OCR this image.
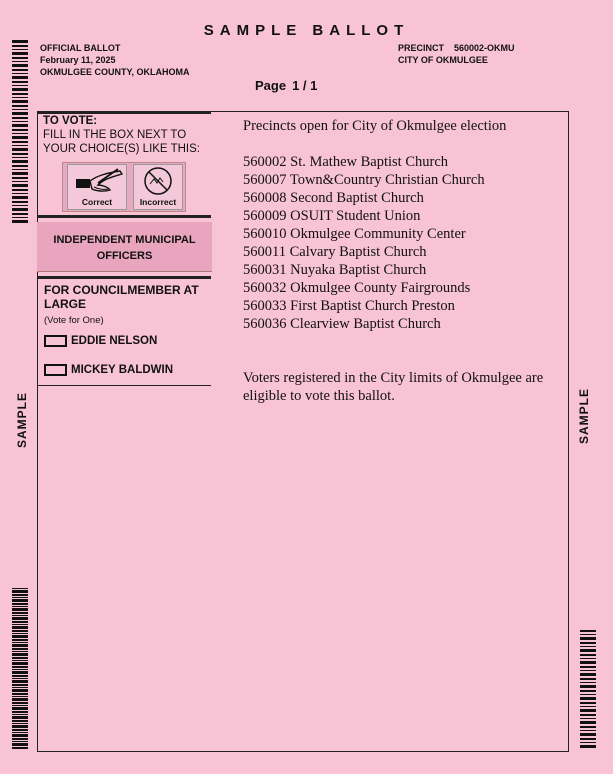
SAMPLE BALLOT
OFFICIAL BALLOT
February 11, 2025
OKMULGEE COUNTY, OKLAHOMA
PRECINCT 560002-OKMU
CITY OF OKMULGEE
Page 1 / 1
SAMPLE	SAMPLE
TO VOTE:
FILL IN THE BOX NEXT TO YOUR CHOICE(S) LIKE THIS:
Correct	Incorrect
INDEPENDENT MUNICIPAL OFFICERS
FOR COUNCILMEMBER AT LARGE
(Vote for One)
EDDIE NELSON
MICKEY BALDWIN
Precincts open for City of Okmulgee election
560002 St. Mathew Baptist Church
560007 Town&Country Christian Church
560008 Second Baptist Church
560009 OSUIT Student Union
560010 Okmulgee Community Center
560011 Calvary Baptist Church
560031 Nuyaka Baptist Church
560032 Okmulgee County Fairgrounds
560033 First Baptist Church Preston
560036 Clearview Baptist Church
Voters registered in the City limits of Okmulgee are eligible to vote this ballot.
